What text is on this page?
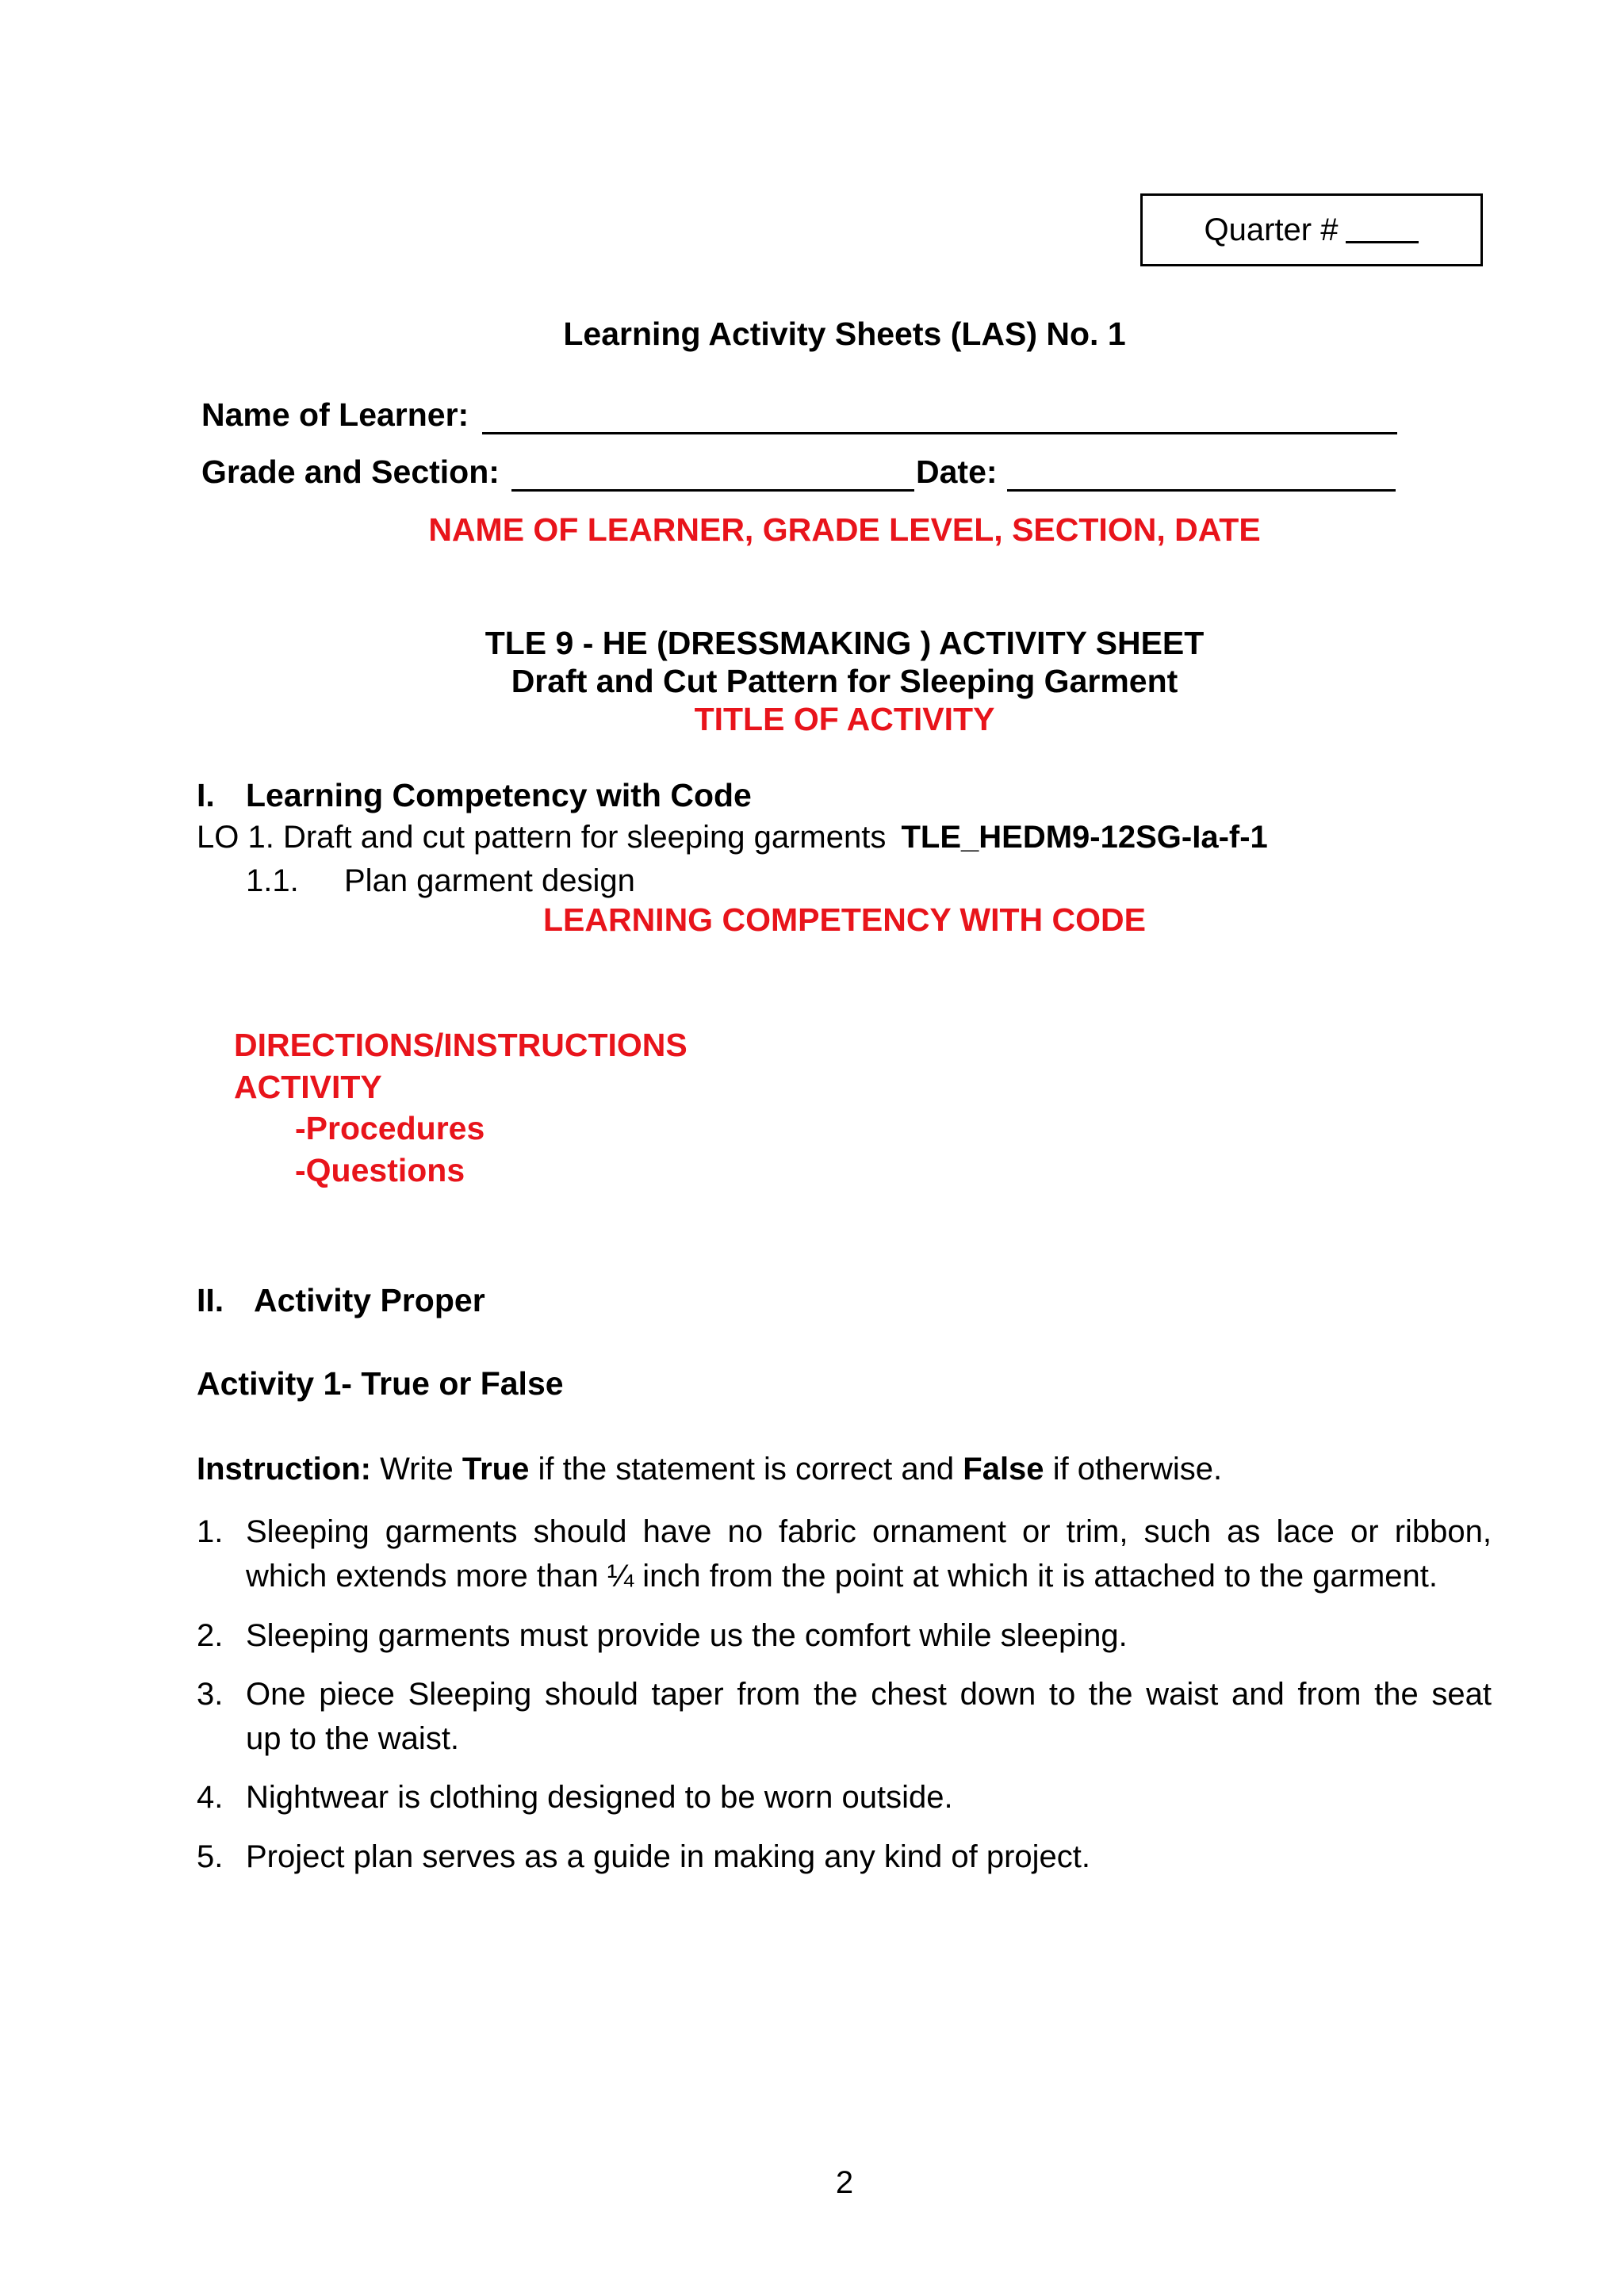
Quarter #
Learning Activity Sheets (LAS) No. 1
Name of Learner:
Grade and Section:	Date:
NAME OF LEARNER, GRADE LEVEL, SECTION, DATE
TLE 9 - HE (DRESSMAKING ) ACTIVITY SHEET
Draft and Cut Pattern for Sleeping Garment
TITLE OF ACTIVITY
I. Learning Competency with Code
LO 1. Draft and cut pattern for sleeping garments TLE_HEDM9-12SG-Ia-f-1
1.1. Plan garment design
LEARNING COMPETENCY WITH CODE
DIRECTIONS/INSTRUCTIONS
ACTIVITY
-Procedures
-Questions
II. Activity Proper
Activity 1- True or False
Instruction: Write True if the statement is correct and False if otherwise.
1. Sleeping garments should have no fabric ornament or trim, such as lace or ribbon,
which extends more than ¼ inch from the point at which it is attached to the garment.
2. Sleeping garments must provide us the comfort while sleeping.
3. One piece Sleeping should taper from the chest down to the waist and from the seat
up to the waist.
4. Nightwear is clothing designed to be worn outside.
5. Project plan serves as a guide in making any kind of project.
2
